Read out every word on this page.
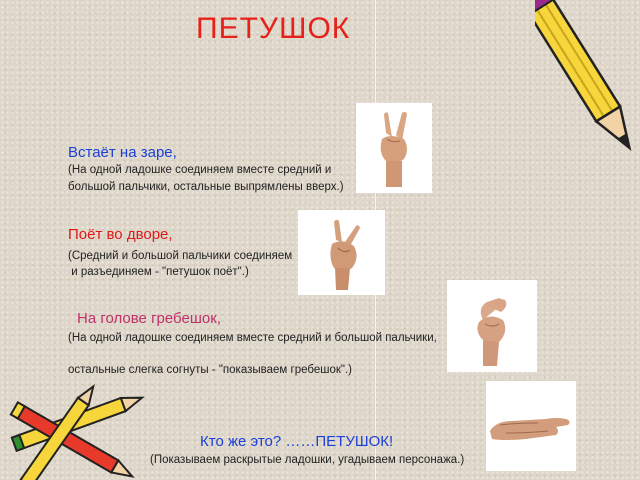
ПЕТУШОК
Встаёт на заре,
(На одной ладошке соединяем вместе средний и
большой пальчики, остальные выпрямлены вверх.)
Поёт во дворе,
(Средний и большой пальчики соединяем
и разъединяем - "петушок поёт".)
На голове гребешок,
(На одной ладошке соединяем вместе средний и большой пальчики,
остальные слегка согнуты - "показываем гребешок".)
Кто же это? ……ПЕТУШОК!
(Показываем раскрытые ладошки, угадываем персонажа.)
